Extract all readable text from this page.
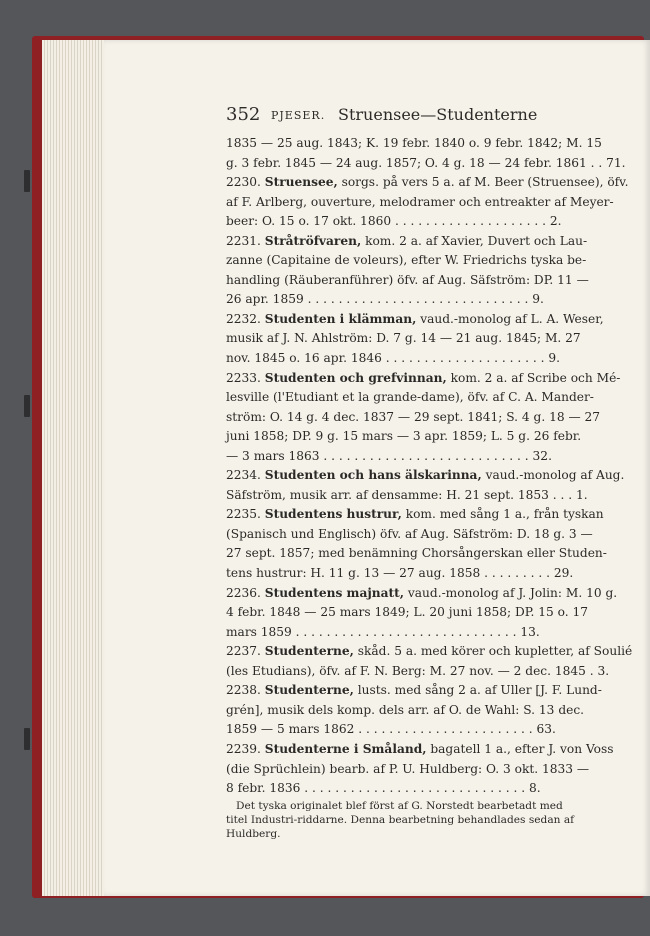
352 PJESER. Struensee—Studenterne
1835 — 25 aug. 1843; K. 19 febr. 1840 o. 9 febr. 1842; M. 15
g. 3 febr. 1845 — 24 aug. 1857; O. 4 g. 18 — 24 febr. 1861 . . 71.
2230. Struensee, sorgs. på vers 5 a. af M. Beer (Struensee), öfv.
af F. Arlberg, ouverture, melodramer och entreakter af Meyer-
beer: O. 15 o. 17 okt. 1860 . . . . . . . . . . . . . . . . . . . . 2.
2231. Stråtröfvaren, kom. 2 a. af Xavier, Duvert och Lau-
zanne (Capitaine de voleurs), efter W. Friedrichs tyska be-
handling (Räuberanführer) öfv. af Aug. Säfström: DP. 11 —
26 apr. 1859 . . . . . . . . . . . . . . . . . . . . . . . . . . . . . 9.
2232. Studenten i klämman, vaud.-monolog af L. A. Weser,
musik af J. N. Ahlström: D. 7 g. 14 — 21 aug. 1845; M. 27
nov. 1845 o. 16 apr. 1846 . . . . . . . . . . . . . . . . . . . . . 9.
2233. Studenten och grefvinnan, kom. 2 a. af Scribe och Mé-
lesville (l'Etudiant et la grande-dame), öfv. af C. A. Mander-
ström: O. 14 g. 4 dec. 1837 — 29 sept. 1841; S. 4 g. 18 — 27
juni 1858; DP. 9 g. 15 mars — 3 apr. 1859; L. 5 g. 26 febr.
— 3 mars 1863 . . . . . . . . . . . . . . . . . . . . . . . . . . . 32.
2234. Studenten och hans älskarinna, vaud.-monolog af Aug.
Säfström, musik arr. af densamme: H. 21 sept. 1853 . . . 1.
2235. Studentens hustrur, kom. med sång 1 a., från tyskan
(Spanisch und Englisch) öfv. af Aug. Säfström: D. 18 g. 3 —
27 sept. 1857; med benämning Chorsångerskan eller Studen-
tens hustrur: H. 11 g. 13 — 27 aug. 1858 . . . . . . . . . 29.
2236. Studentens majnatt, vaud.-monolog af J. Jolin: M. 10 g.
4 febr. 1848 — 25 mars 1849; L. 20 juni 1858; DP. 15 o. 17
mars 1859 . . . . . . . . . . . . . . . . . . . . . . . . . . . . . 13.
2237. Studenterne, skåd. 5 a. med körer och kupletter, af Soulié
(les Etudians), öfv. af F. N. Berg: M. 27 nov. — 2 dec. 1845 . 3.
2238. Studenterne, lusts. med sång 2 a. af Uller [J. F. Lund-
grén], musik dels komp. dels arr. af O. de Wahl: S. 13 dec.
1859 — 5 mars 1862 . . . . . . . . . . . . . . . . . . . . . . . 63.
2239. Studenterne i Småland, bagatell 1 a., efter J. von Voss
(die Sprüchlein) bearb. af P. U. Huldberg: O. 3 okt. 1833 —
8 febr. 1836 . . . . . . . . . . . . . . . . . . . . . . . . . . . . . 8.
Det tyska originalet blef först af G. Norstedt bearbetadt med
titel Industri-riddarne. Denna bearbetning behandlades sedan af
Huldberg.
